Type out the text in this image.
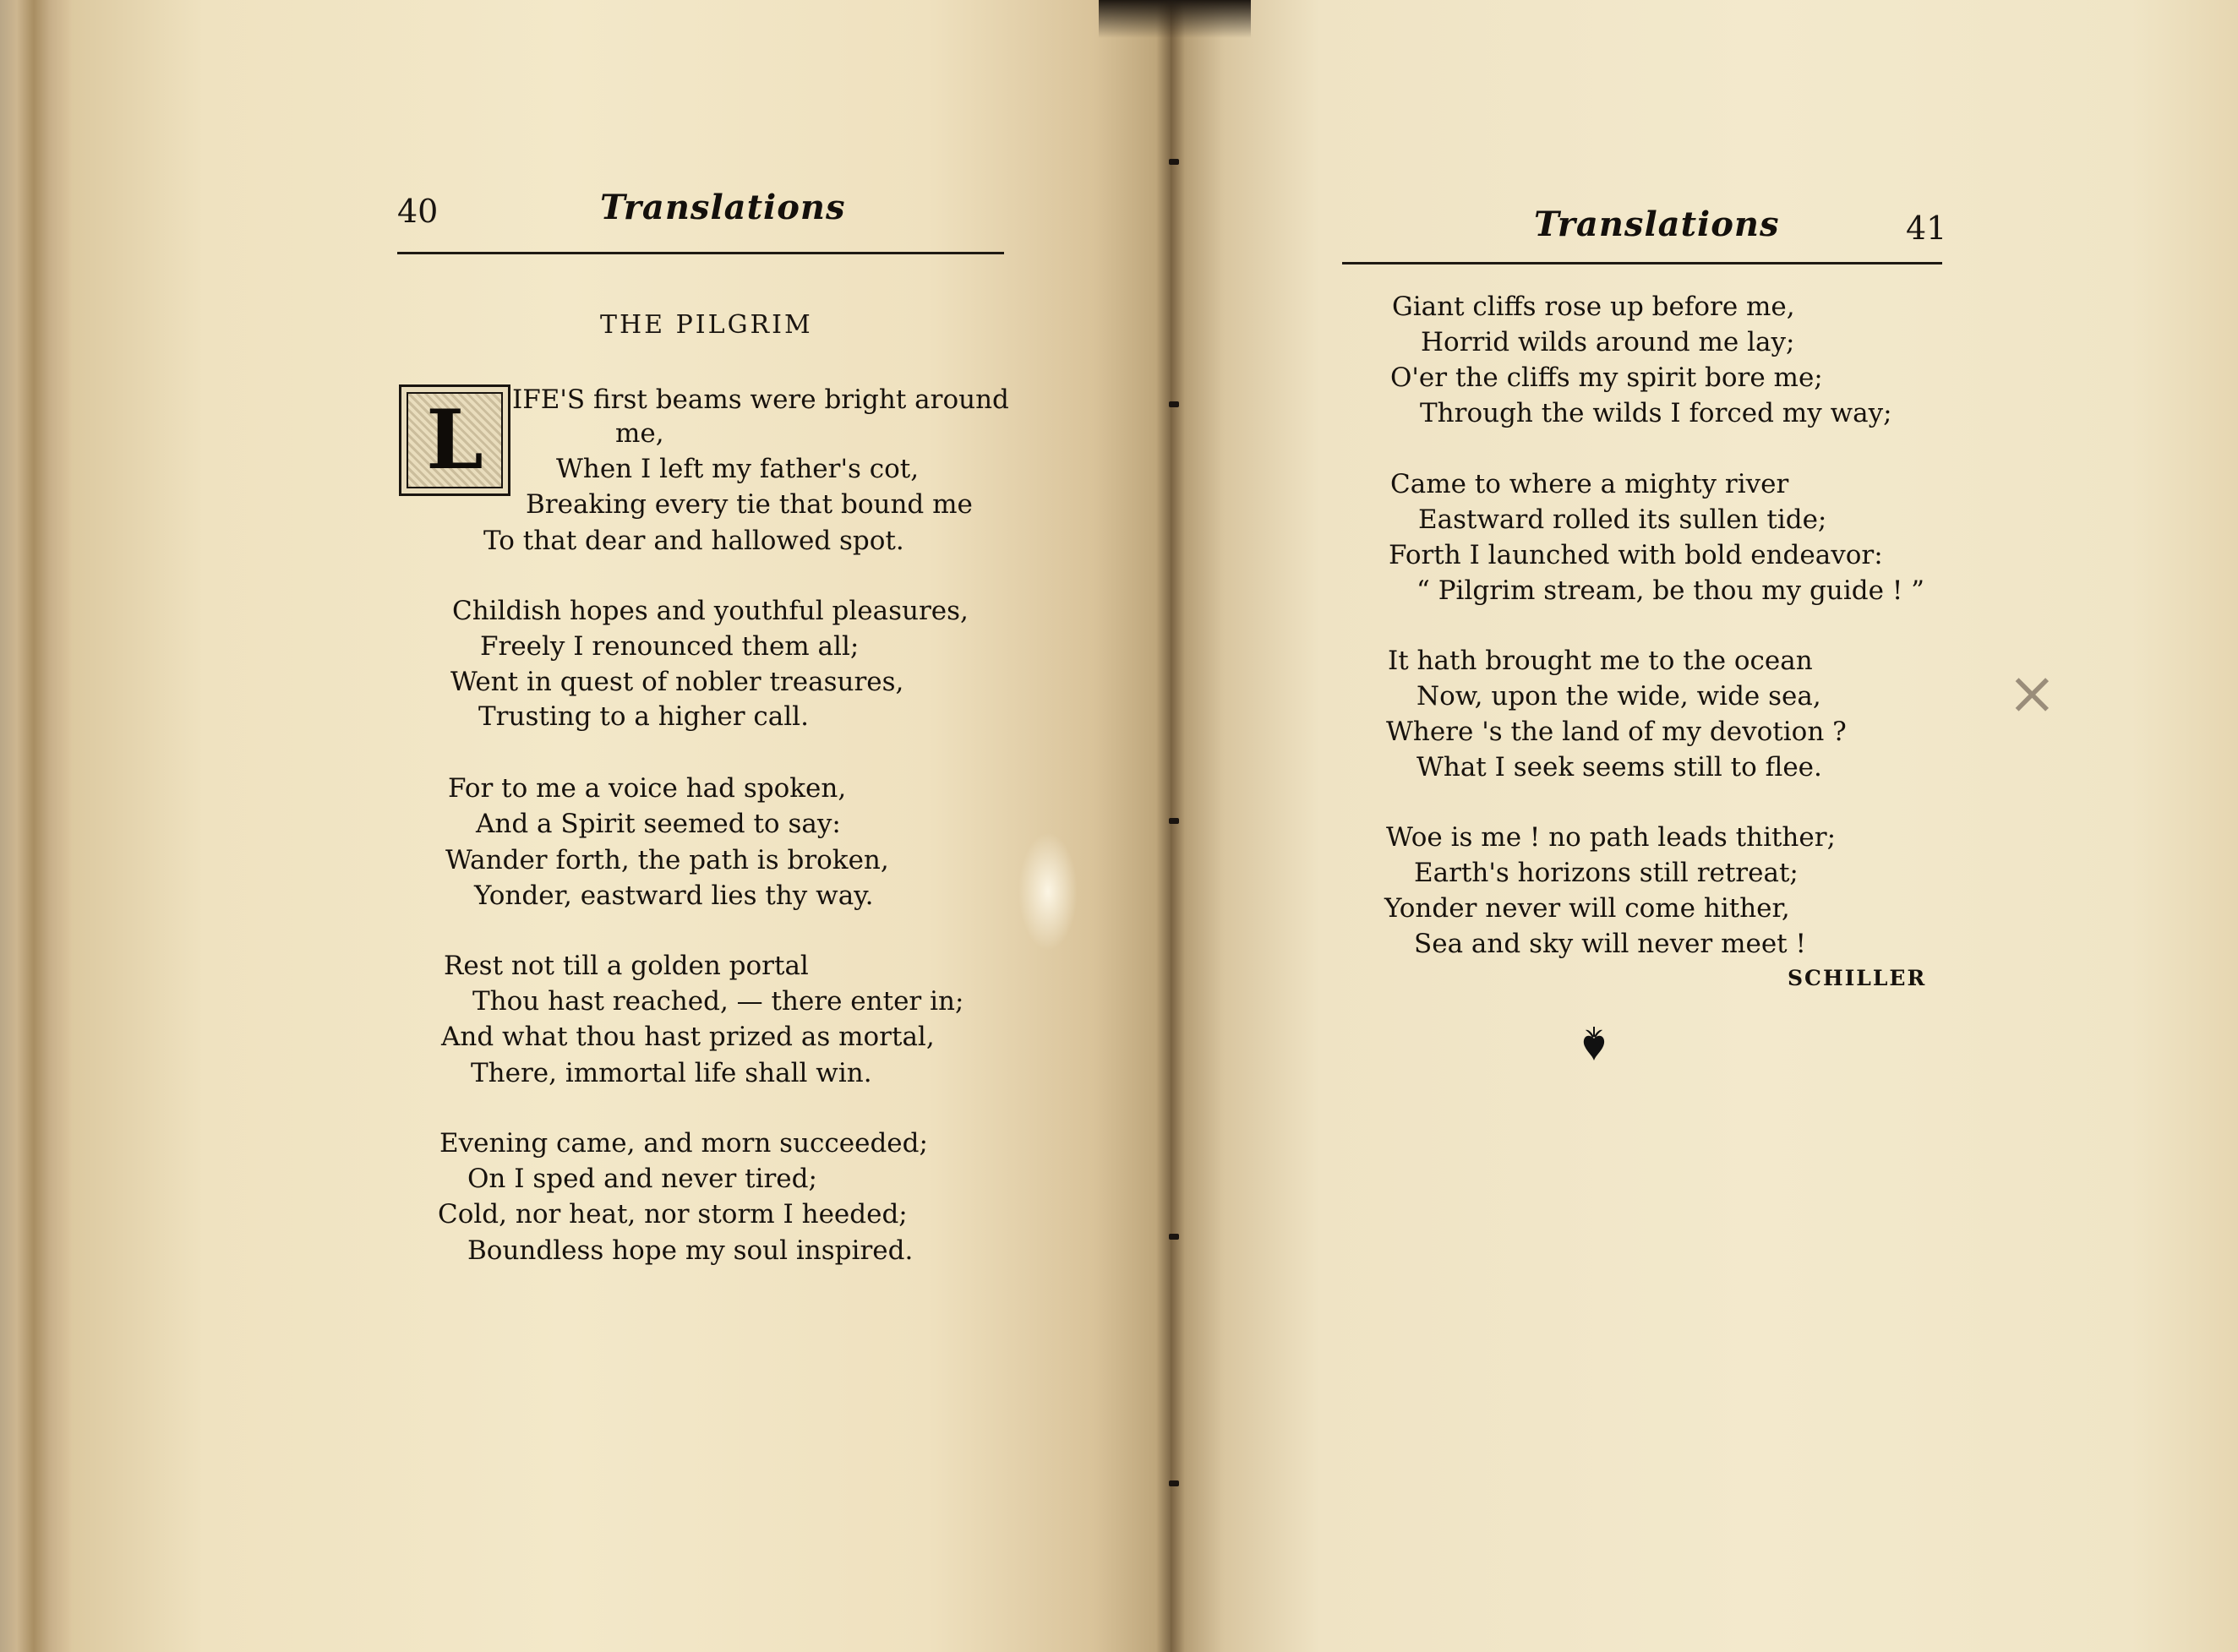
×
40	Translations
THE PILGRIM
L	IFE'S first beams were bright around
me,
When I left my father's cot,
Breaking every tie that bound me
To that dear and hallowed spot.
Childish hopes and youthful pleasures,
Freely I renounced them all;
Went in quest of nobler treasures,
Trusting to a higher call.
For to me a voice had spoken,
And a Spirit seemed to say:
Wander forth, the path is broken,
Yonder, eastward lies thy way.
Rest not till a golden portal
Thou hast reached, — there enter in;
And what thou hast prized as mortal,
There, immortal life shall win.
Evening came, and morn succeeded;
On I sped and never tired;
Cold, nor heat, nor storm I heeded;
Boundless hope my soul inspired.
Translations	41
Giant cliffs rose up before me,
Horrid wilds around me lay;
O'er the cliffs my spirit bore me;
Through the wilds I forced my way;
Came to where a mighty river
Eastward rolled its sullen tide;
Forth I launched with bold endeavor:
“ Pilgrim stream, be thou my guide ! ”
It hath brought me to the ocean
Now, upon the wide, wide sea,
Where 's the land of my devotion ?
What I seek seems still to flee.
Woe is me ! no path leads thither;
Earth's horizons still retreat;
Yonder never will come hither,
Sea and sky will never meet !
SCHILLER
